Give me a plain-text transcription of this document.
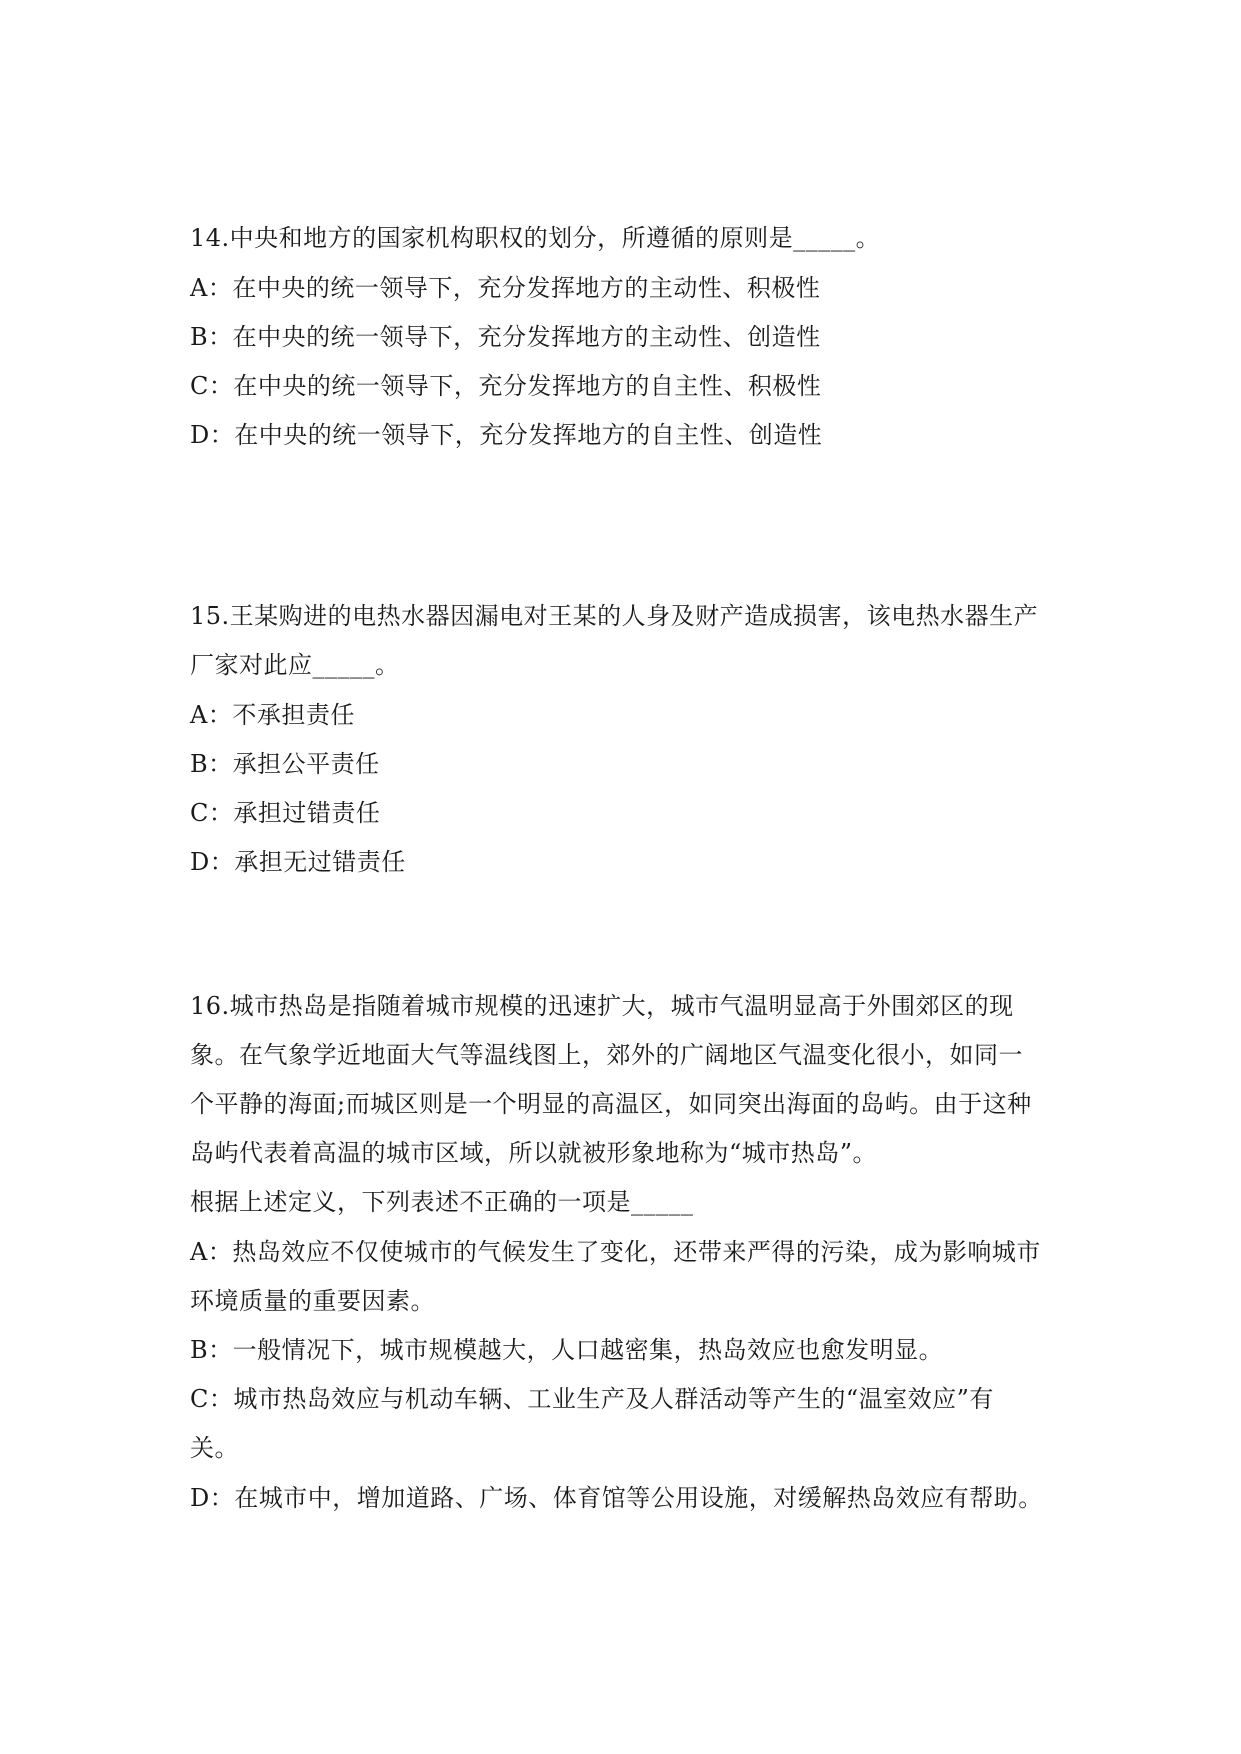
14.中央和地方的国家机构职权的划分，所遵循的原则是_____。
A：在中央的统一领导下，充分发挥地方的主动性、积极性
B：在中央的统一领导下，充分发挥地方的主动性、创造性
C：在中央的统一领导下，充分发挥地方的自主性、积极性
D：在中央的统一领导下，充分发挥地方的自主性、创造性
15.王某购进的电热水器因漏电对王某的人身及财产造成损害，该电热水器生产
厂家对此应_____。
A：不承担责任
B：承担公平责任
C：承担过错责任
D：承担无过错责任
16.城市热岛是指随着城市规模的迅速扩大，城市气温明显高于外围郊区的现
象。在气象学近地面大气等温线图上，郊外的广阔地区气温变化很小，如同一
个平静的海面;而城区则是一个明显的高温区，如同突出海面的岛屿。由于这种
岛屿代表着高温的城市区域，所以就被形象地称为“城市热岛”。
根据上述定义，下列表述不正确的一项是_____
A：热岛效应不仅使城市的气候发生了变化，还带来严得的污染，成为影响城市
环境质量的重要因素。
B：一般情况下，城市规模越大，人口越密集，热岛效应也愈发明显。
C：城市热岛效应与机动车辆、工业生产及人群活动等产生的“温室效应”有
关。
D：在城市中，增加道路、广场、体育馆等公用设施，对缓解热岛效应有帮助。
